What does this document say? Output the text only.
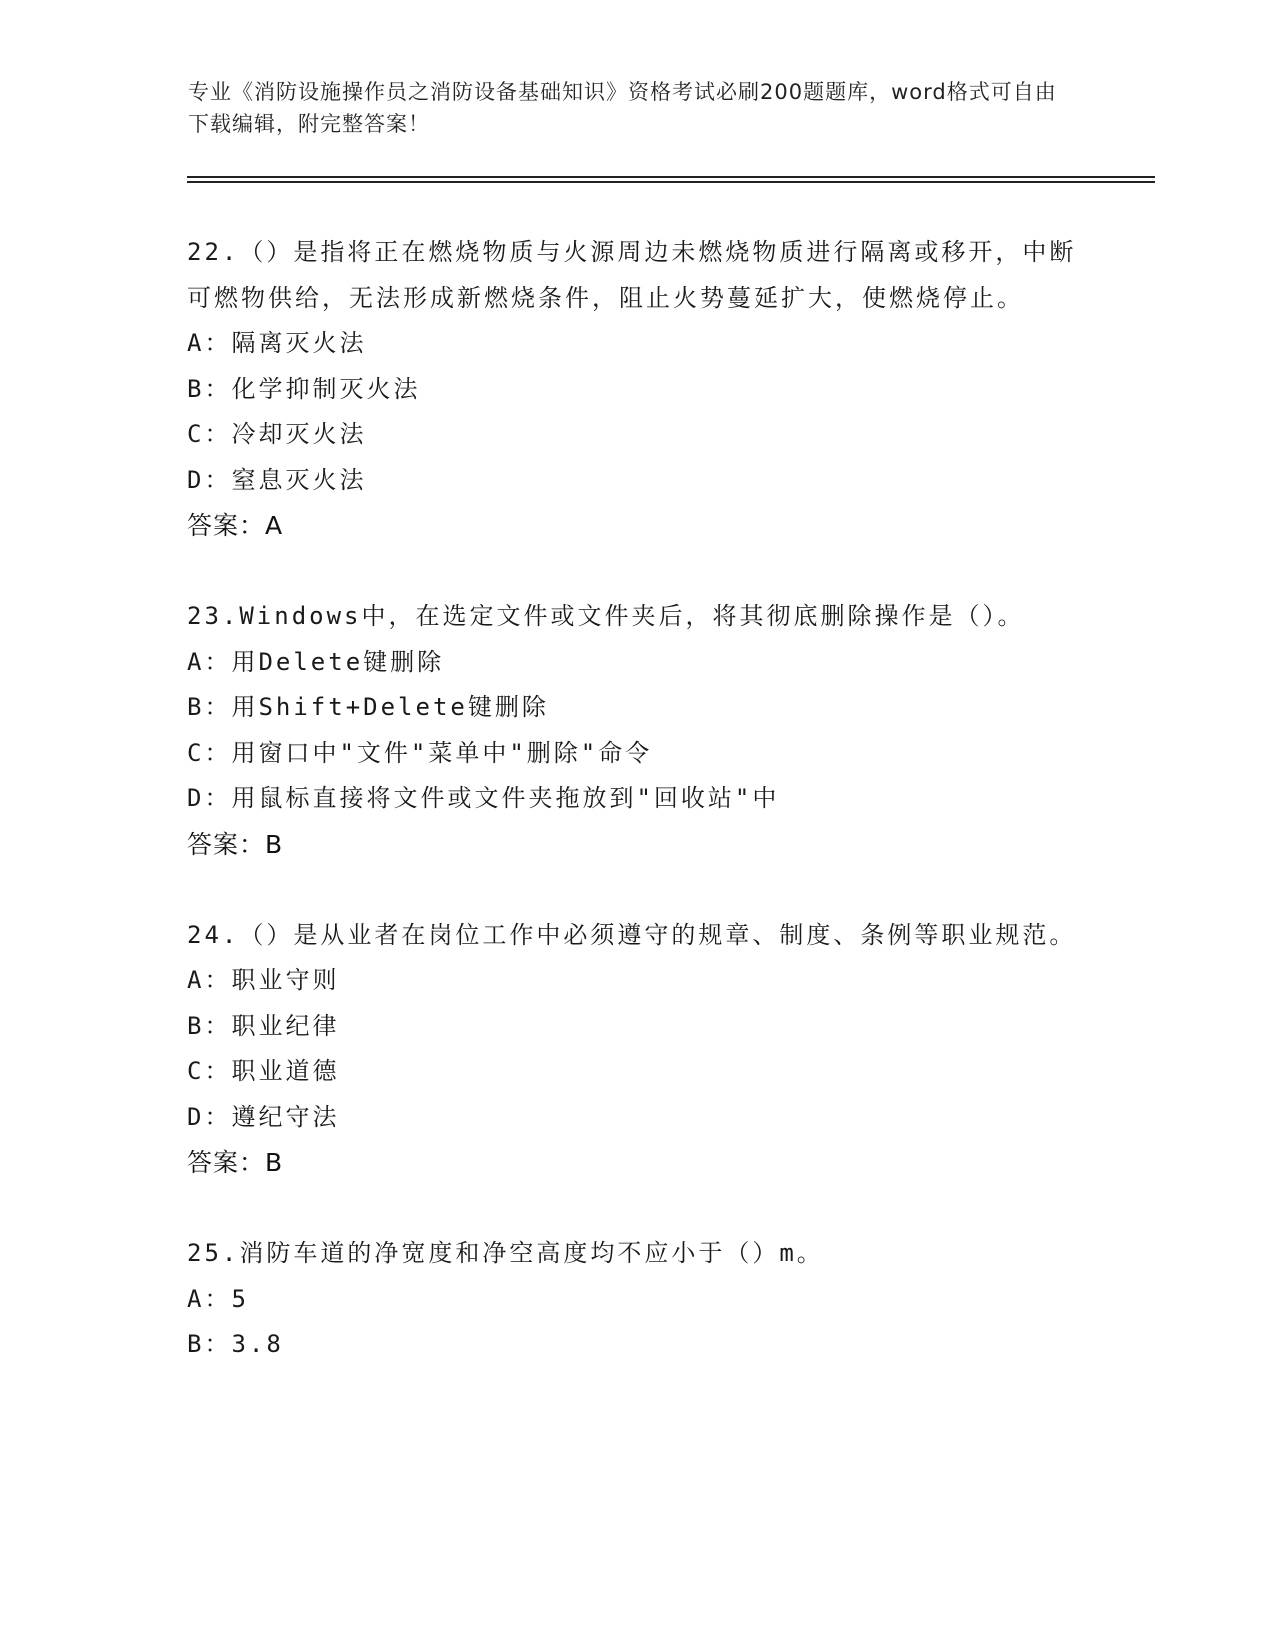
专业《消防设施操作员之消防设备基础知识》资格考试必刷200题题库，word格式可自由下载编辑，附完整答案！

22.（）是指将正在燃烧物质与火源周边未燃烧物质进行隔离或移开，中断可燃物供给，无法形成新燃烧条件，阻止火势蔓延扩大，使燃烧停止。

A：隔离灭火法

B：化学抑制灭火法

C：冷却灭火法

D：窒息灭火法

答案：A

23.Windows中，在选定文件或文件夹后，将其彻底删除操作是（）。

A：用Delete键删除

B：用Shift+Delete键删除

C：用窗口中"文件"菜单中"删除"命令

D：用鼠标直接将文件或文件夹拖放到"回收站"中

答案：B

24.（）是从业者在岗位工作中必须遵守的规章、制度、条例等职业规范。

A：职业守则

B：职业纪律

C：职业道德

D：遵纪守法

答案：B

25.消防车道的净宽度和净空高度均不应小于（）m。

A：5

B：3.8
